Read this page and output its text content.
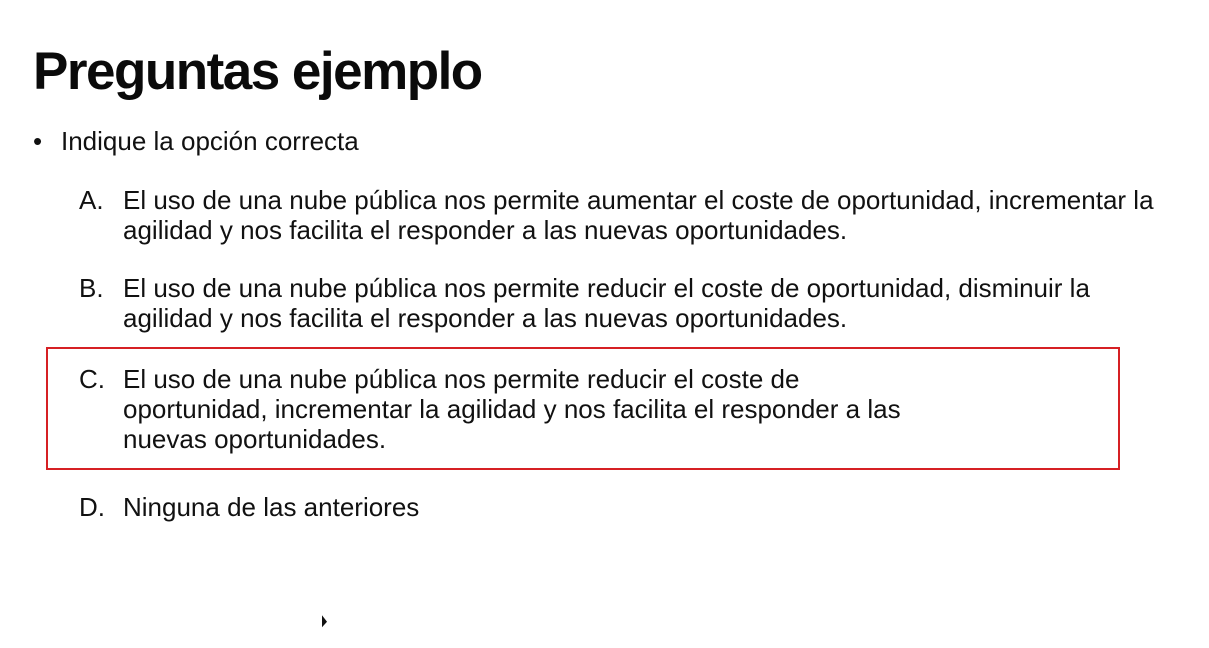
Preguntas ejemplo
• Indique la opción correcta
A. El uso de una nube pública nos permite aumentar el coste de oportunidad, incrementar la agilidad y nos facilita el responder a las nuevas oportunidades.
B. El uso de una nube pública nos permite reducir el coste de oportunidad, disminuir la agilidad y nos facilita el responder a las nuevas oportunidades.
C. El uso de una nube pública nos permite reducir el coste de oportunidad, incrementar la agilidad y nos facilita el responder a las nuevas oportunidades.
D. Ninguna de las anteriores
